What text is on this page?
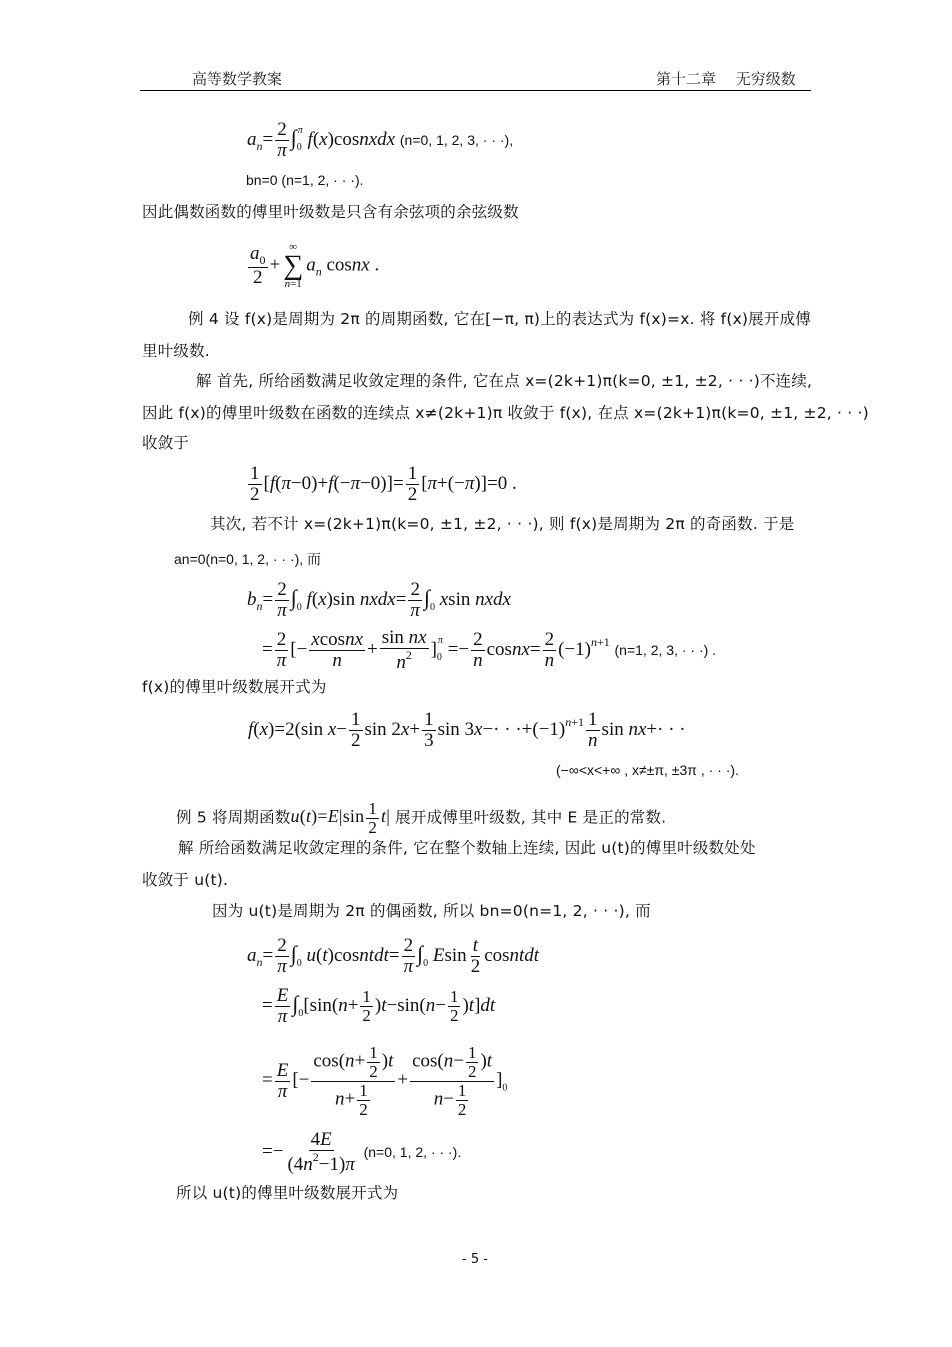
高等数学教案	第十二章　 无穷级数
$a_n= \frac{2}{\pi} \int_0^\pi$ f(x)cosnxdx (n=0, 1, 2, 3, · · ·),
bn=0 (n=1, 2, · · ·).
因此偶数函数的傅里叶级数是只含有余弦项的余弦级数
$\frac{a_0}{2}$ +
∞
∑
n=1
$a_n$ cosnx .
例 4 设 f(x)是周期为 2π 的周期函数, 它在[−π, π)上的表达式为 f(x)=x. 将 f(x)展开成傅
里叶级数.
解 首先, 所给函数满足收敛定理的条件, 它在点 x=(2k+1)π(k=0, ±1, ±2, · · ·)不连续,
因此 f(x)的傅里叶级数在函数的连续点 x≠(2k+1)π 收敛于 f(x), 在点 x=(2k+1)π(k=0, ±1, ±2, · · ·)
收敛于
$\frac{1}{2} [f(\pi-0)+f(-\pi-0)]= \frac{1}{2} [\pi+(-\pi)]=0$ .
其次, 若不计 x=(2k+1)π(k=0, ±1, ±2, · · ·), 则 f(x)是周期为 2π 的奇函数. 于是
an=0(n=0, 1, 2, · · ·), 而
$b_n= \frac{2}{\pi} \int_0$ f(x)sin nxdx= $\frac{2}{\pi} \int_0$ xsin nxdx
= $\frac{2}{\pi}$ [− $\frac{\text{xcosnx}}{n} + \frac{\text{sin nx}}{n^2} ]_0^\pi =- \frac{2}{n}$ cosnx= $\frac{2}{n} (-1)^{n+1}$ (n=1, 2, 3, · · ·) .
f(x)的傅里叶级数展开式为
f(x)=2(sin $x- \frac{1}{2}$ $\sin 2x+ \frac{1}{3}$ $\sin 3x-\cdot \cdot \cdot+(-1)^{n+1} \frac{1}{n}$ sin nx+· · ·
(−∞<x<+∞ , x≠±π, ±3π , · · ·).
例 5 将周期函数$u(t)=E|\sin \frac{1}{2} t|$ 展开成傅里叶级数, 其中 E 是正的常数.
解 所给函数满足收敛定理的条件, 它在整个数轴上连续, 因此 u(t)的傅里叶级数处处
收敛于 u(t).
因为 u(t)是周期为 2π 的偶函数, 所以 bn=0(n=1, 2, · · ·), 而
$a_n= \frac{2}{\pi} \int_0$ u(t)cosntdt= $\frac{2}{\pi} \int_0$ Esin $\frac{t}{2}$ cosntdt
= $\frac{E}{\pi} \int_0[\sin(n+ \frac{1}{2} )t-\sin(n- \frac{1}{2} )t]dt$
= $\frac{E}{\pi}$ [− $\frac{\cos(n+ \frac{1}{2} )t}{n+ \frac{1}{2}} + \frac{\cos(n- \frac{1}{2} )t}{n- \frac{1}{2}} ]_0$
=− $\frac{4E}{(4n^2-1)\pi} (n=0$, 1, 2, · · ·).
所以 u(t)的傅里叶级数展开式为
- 5 -
